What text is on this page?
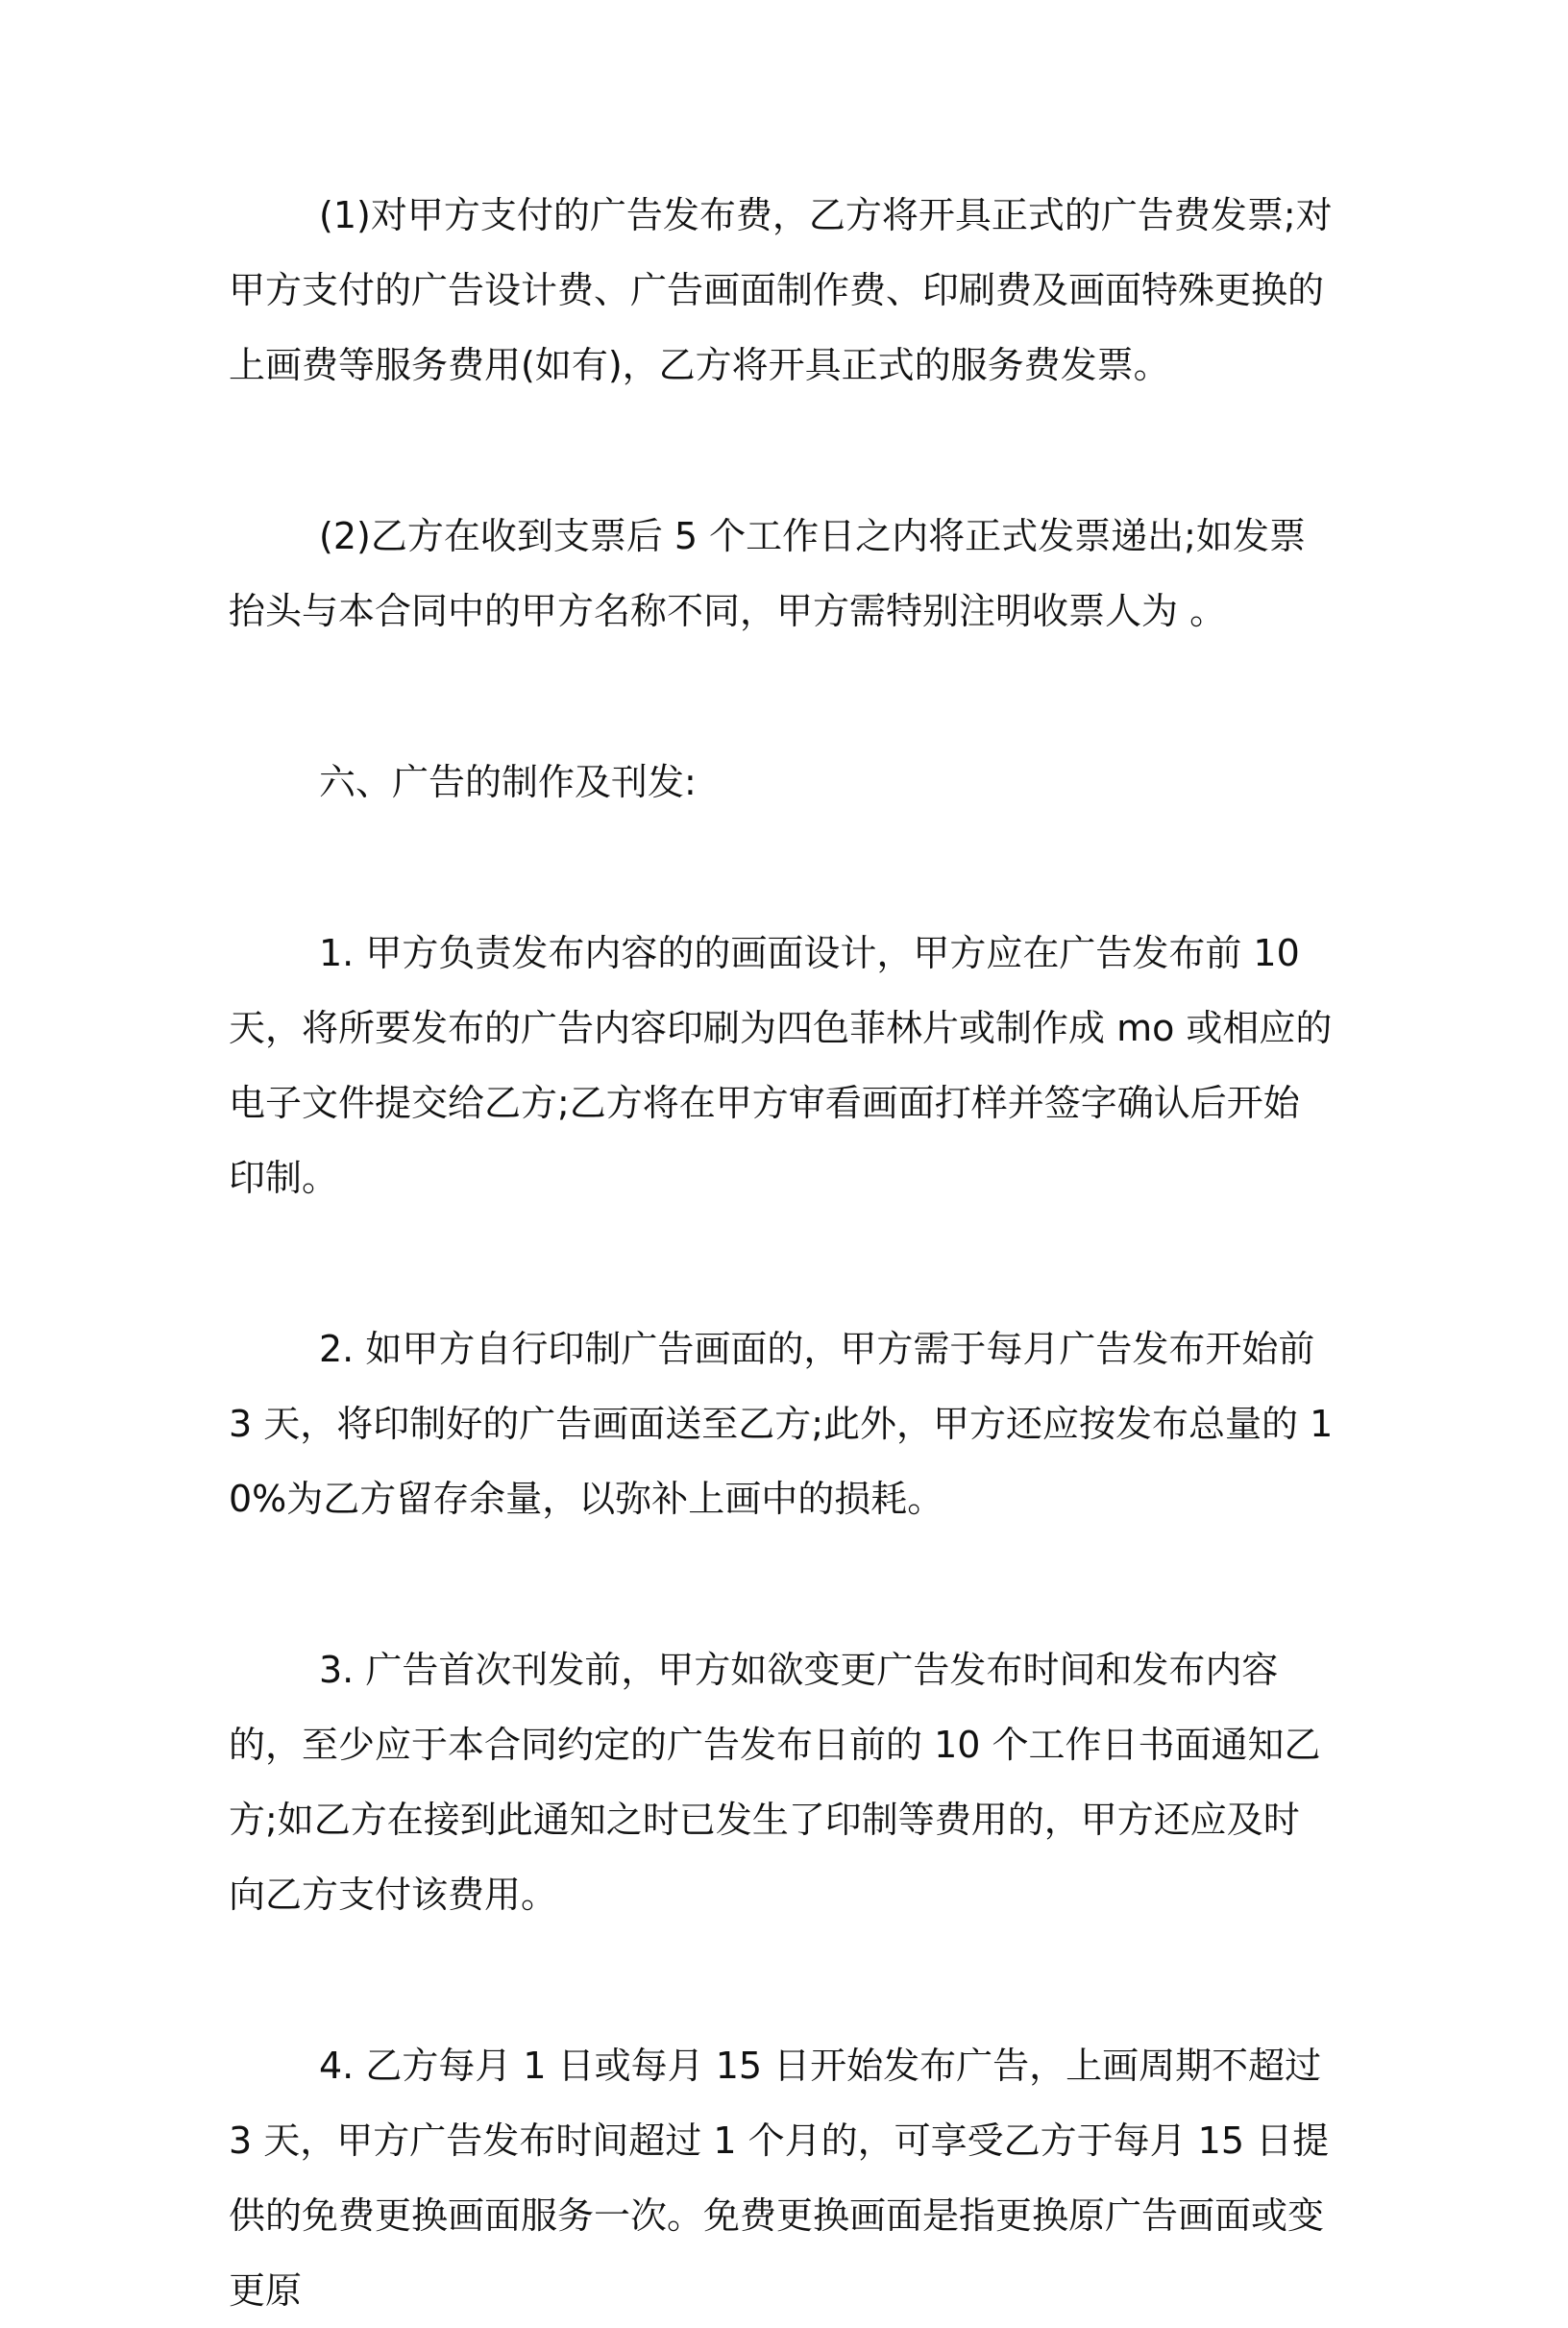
(1)对甲方支付的广告发布费，乙方将开具正式的广告费发票;对甲方支付的广告设计费、广告画面制作费、印刷费及画面特殊更换的上画费等服务费用(如有)，乙方将开具正式的服务费发票。

(2)乙方在收到支票后 5 个工作日之内将正式发票递出;如发票抬头与本合同中的甲方名称不同，甲方需特别注明收票人为 。

六、广告的制作及刊发:

1. 甲方负责发布内容的的画面设计，甲方应在广告发布前 10 天，将所要发布的广告内容印刷为四色菲林片或制作成 mo 或相应的电子文件提交给乙方;乙方将在甲方审看画面打样并签字确认后开始印制。

2. 如甲方自行印制广告画面的，甲方需于每月广告发布开始前 3 天，将印制好的广告画面送至乙方;此外，甲方还应按发布总量的 10%为乙方留存余量，以弥补上画中的损耗。

3. 广告首次刊发前，甲方如欲变更广告发布时间和发布内容的，至少应于本合同约定的广告发布日前的 10 个工作日书面通知乙方;如乙方在接到此通知之时已发生了印制等费用的，甲方还应及时向乙方支付该费用。

4. 乙方每月 1 日或每月 15 日开始发布广告，上画周期不超过 3 天，甲方广告发布时间超过 1 个月的，可享受乙方于每月 15 日提供的免费更换画面服务一次。免费更换画面是指更换原广告画面或变更原
